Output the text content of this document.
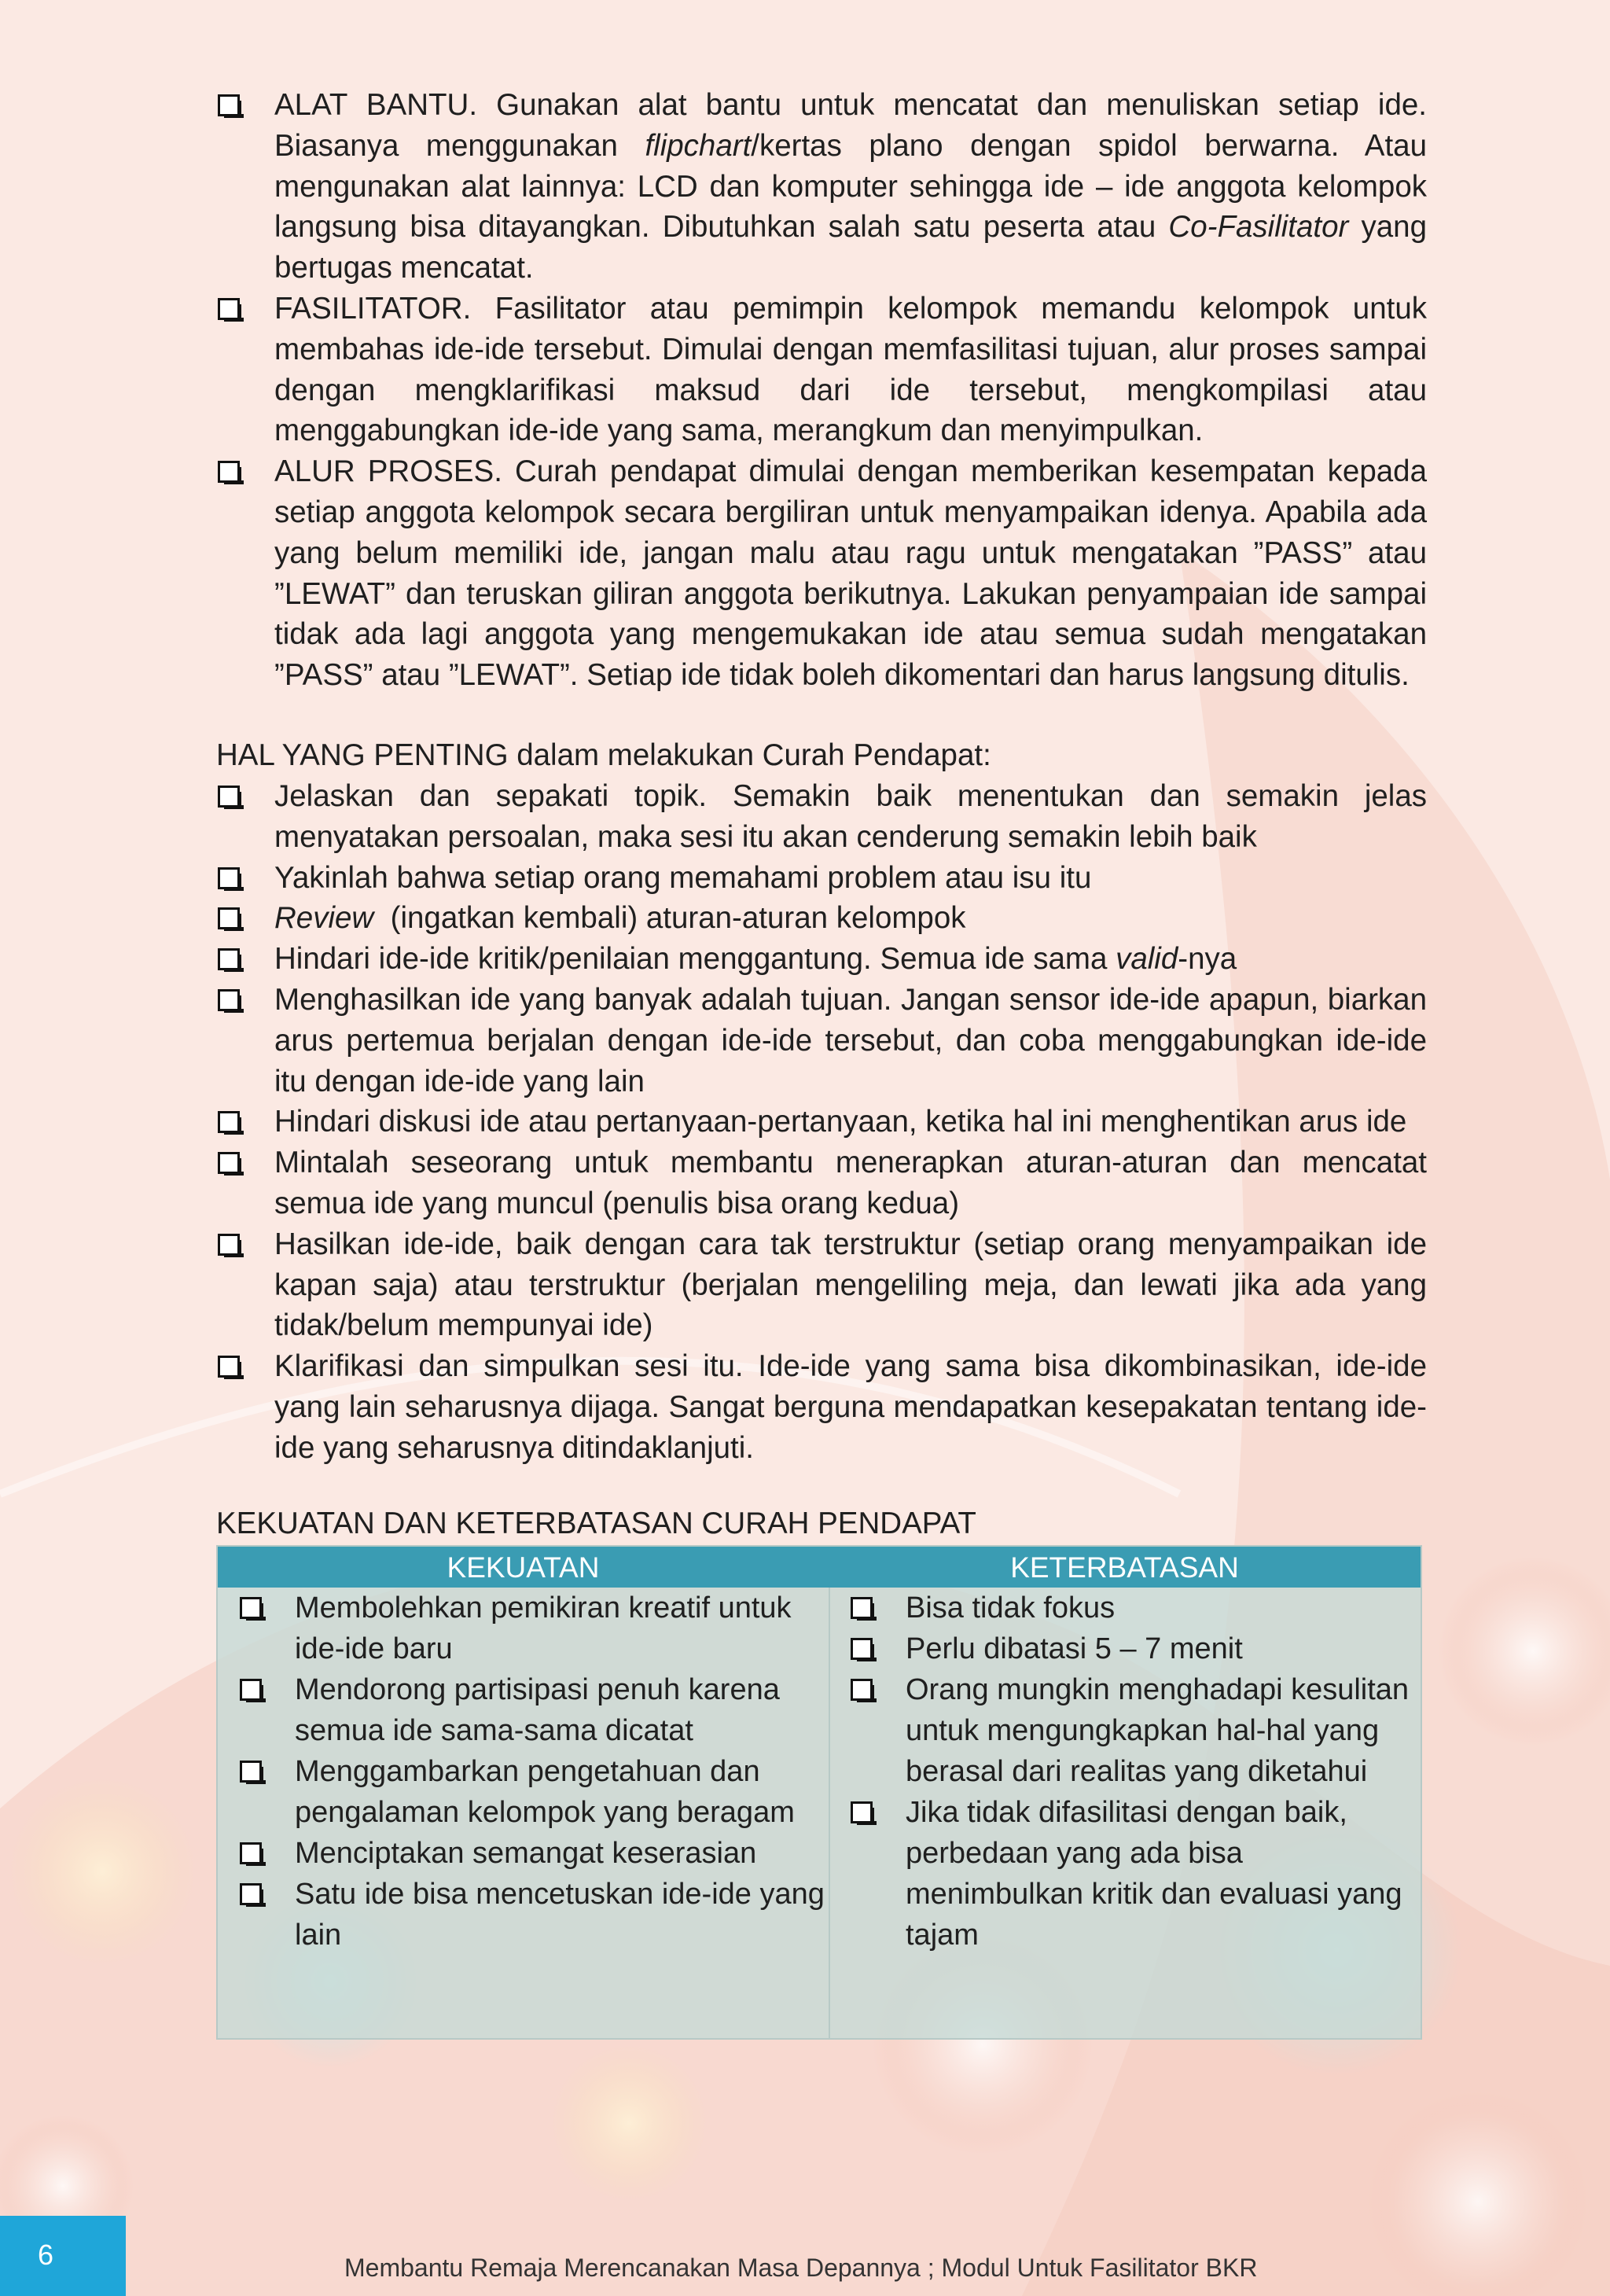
ALAT BANTU. Gunakan alat bantu untuk mencatat dan menuliskan setiap ide. Biasanya menggunakan flipchart/kertas plano dengan spidol berwarna. Atau mengunakan alat lainnya: LCD dan komputer sehingga ide – ide anggota kelompok langsung bisa ditayangkan. Dibutuhkan salah satu peserta atau Co-Fasilitator yang bertugas mencatat.
FASILITATOR. Fasilitator atau pemimpin kelompok memandu kelompok untuk membahas ide-ide tersebut. Dimulai dengan memfasilitasi tujuan, alur proses sampai dengan mengklarifikasi maksud dari ide tersebut, mengkompilasi atau menggabungkan ide-ide yang sama, merangkum dan menyimpulkan.
ALUR PROSES. Curah pendapat dimulai dengan memberikan kesempatan kepada setiap anggota kelompok secara bergiliran untuk menyampaikan idenya. Apabila ada yang belum memiliki ide, jangan malu atau ragu untuk mengatakan ”PASS” atau ”LEWAT” dan teruskan giliran anggota berikutnya. Lakukan penyampaian ide sampai tidak ada lagi anggota yang mengemukakan ide atau semua sudah mengatakan ”PASS” atau ”LEWAT”. Setiap ide tidak boleh dikomentari dan harus langsung ditulis.

HAL YANG PENTING dalam melakukan Curah Pendapat:

Jelaskan dan sepakati topik. Semakin baik menentukan dan semakin jelas menyatakan persoalan, maka sesi itu akan cenderung semakin lebih baik
Yakinlah bahwa setiap orang memahami problem atau isu itu
Review  (ingatkan kembali) aturan-aturan kelompok
Hindari ide-ide kritik/penilaian menggantung. Semua ide sama valid-nya
Menghasilkan ide yang banyak adalah tujuan. Jangan sensor ide-ide apapun, biarkan arus pertemua berjalan dengan ide-ide tersebut, dan coba menggabungkan ide-ide itu dengan ide-ide yang lain
Hindari diskusi ide atau pertanyaan-pertanyaan, ketika hal ini menghentikan arus ide
Mintalah seseorang untuk membantu menerapkan aturan-aturan dan mencatat semua ide yang muncul (penulis bisa orang kedua)
Hasilkan ide-ide, baik dengan cara tak terstruktur (setiap orang menyampaikan ide kapan saja) atau terstruktur (berjalan mengeliling meja, dan lewati jika ada yang tidak/belum mempunyai ide)
Klarifikasi dan simpulkan sesi itu. Ide-ide yang sama bisa dikombinasikan, ide-ide yang lain seharusnya dijaga. Sangat berguna mendapatkan kesepakatan tentang ide-ide yang seharusnya ditindaklanjuti.

KEKUATAN DAN KETERBATASAN CURAH PENDAPAT

KEKUATAN	KETERBATASAN
Membolehkan pemikiran kreatif untuk ide-ide baru
Mendorong partisipasi penuh karena semua ide sama-sama dicatat
Menggambarkan pengetahuan dan pengalaman kelompok yang beragam
Menciptakan semangat keserasian
Satu ide bisa mencetuskan ide-ide yang lain
Bisa tidak fokus
Perlu dibatasi 5 – 7 menit
Orang mungkin menghadapi kesulitan untuk mengungkapkan hal-hal yang berasal dari realitas yang diketahui
Jika tidak difasilitasi dengan baik, perbedaan yang ada bisa menimbulkan kritik dan evaluasi yang tajam
6	Membantu Remaja Merencanakan Masa Depannya ; Modul Untuk Fasilitator BKR
